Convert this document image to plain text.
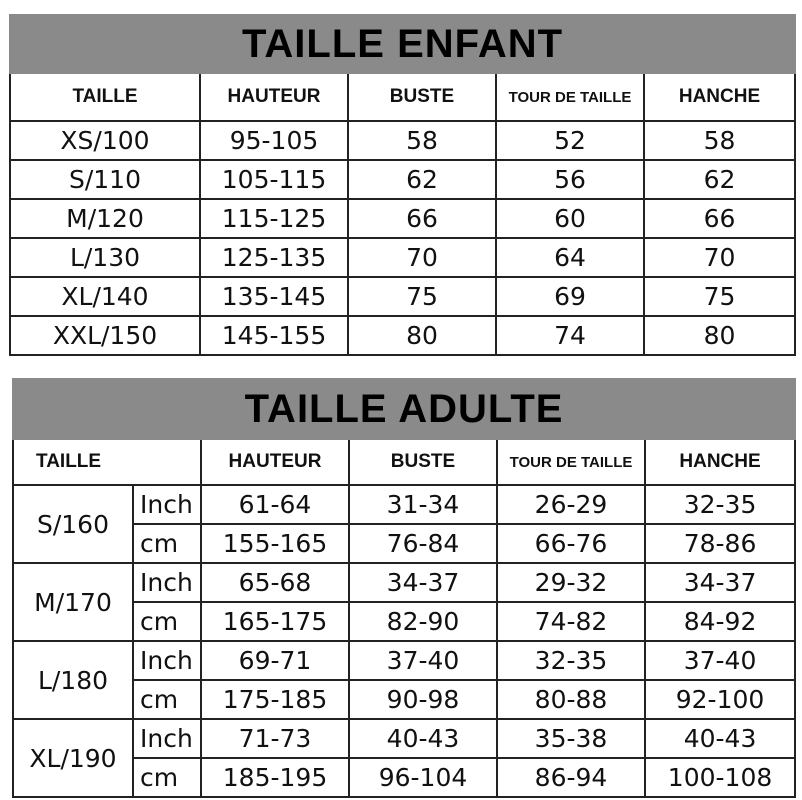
TAILLE ENFANT				
TAILLE	HAUTEUR	BUSTE	TOUR DE TAILLE	HANCHE
XS/100	95-105	58	52	58
S/110	105-115	62	56	62
M/120	115-125	66	60	66
L/130	125-135	70	64	70
XL/140	135-145	75	69	75
XXL/150	145-155	80	74	80
TAILLE ADULTE					
TAILLE		HAUTEUR	BUSTE	TOUR DE TAILLE	HANCHE
S/160	Inch	61-64	31-34	26-29	32-35
	cm	155-165	76-84	66-76	78-86
M/170	Inch	65-68	34-37	29-32	34-37
	cm	165-175	82-90	74-82	84-92
L/180	Inch	69-71	37-40	32-35	37-40
	cm	175-185	90-98	80-88	92-100
XL/190	Inch	71-73	40-43	35-38	40-43
	cm	185-195	96-104	86-94	100-108
